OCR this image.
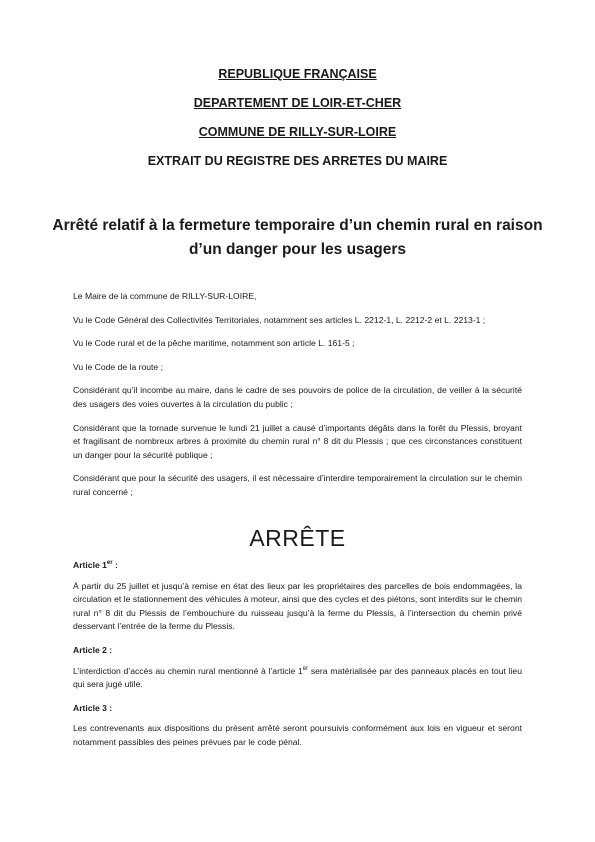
REPUBLIQUE FRANÇAISE
DEPARTEMENT DE LOIR-ET-CHER
COMMUNE DE RILLY-SUR-LOIRE
EXTRAIT DU REGISTRE DES ARRETES DU MAIRE
Arrêté relatif à la fermeture temporaire d’un chemin rural en raison d’un danger pour les usagers

Le Maire de la commune de RILLY-SUR-LOIRE,

Vu le Code Général des Collectivités Territoriales, notamment ses articles L. 2212-1, L. 2212-2 et L. 2213-1 ;

Vu le Code rural et de la pêche maritime, notamment son article L. 161-5 ;

Vu le Code de la route ;

Considérant qu’il incombe au maire, dans le cadre de ses pouvoirs de police de la circulation, de veiller à la sécurité des usagers des voies ouvertes à la circulation du public ;

Considérant que la tornade survenue le lundi 21 juillet a causé d’importants dégâts dans la forêt du Plessis, broyant et fragilisant de nombreux arbres à proximité du chemin rural n° 8 dit du Plessis ; que ces circonstances constituent un danger pour la sécurité publique ;

Considérant que pour la sécurité des usagers, il est nécessaire d’interdire temporairement la circulation sur le chemin rural concerné ;

ARRÊTE
Article 1er :

À partir du 25 juillet et jusqu’à remise en état des lieux par les propriétaires des parcelles de bois endommagées, la circulation et le stationnement des véhicules à moteur, ainsi que des cycles et des piétons, sont interdits sur le chemin rural n° 8 dit du Plessis de l’embouchure du ruisseau jusqu’à la ferme du Plessis, à l’intersection du chemin privé desservant l’entrée de la ferme du Plessis.

Article 2 :

L’interdiction d’accès au chemin rural mentionné à l’article 1er sera matérialisée par des panneaux placés en tout lieu qui sera jugé utile.

Article 3 :

Les contrevenants aux dispositions du présent arrêté seront poursuivis conformément aux lois en vigueur et seront notamment passibles des peines prévues par le code pénal.
